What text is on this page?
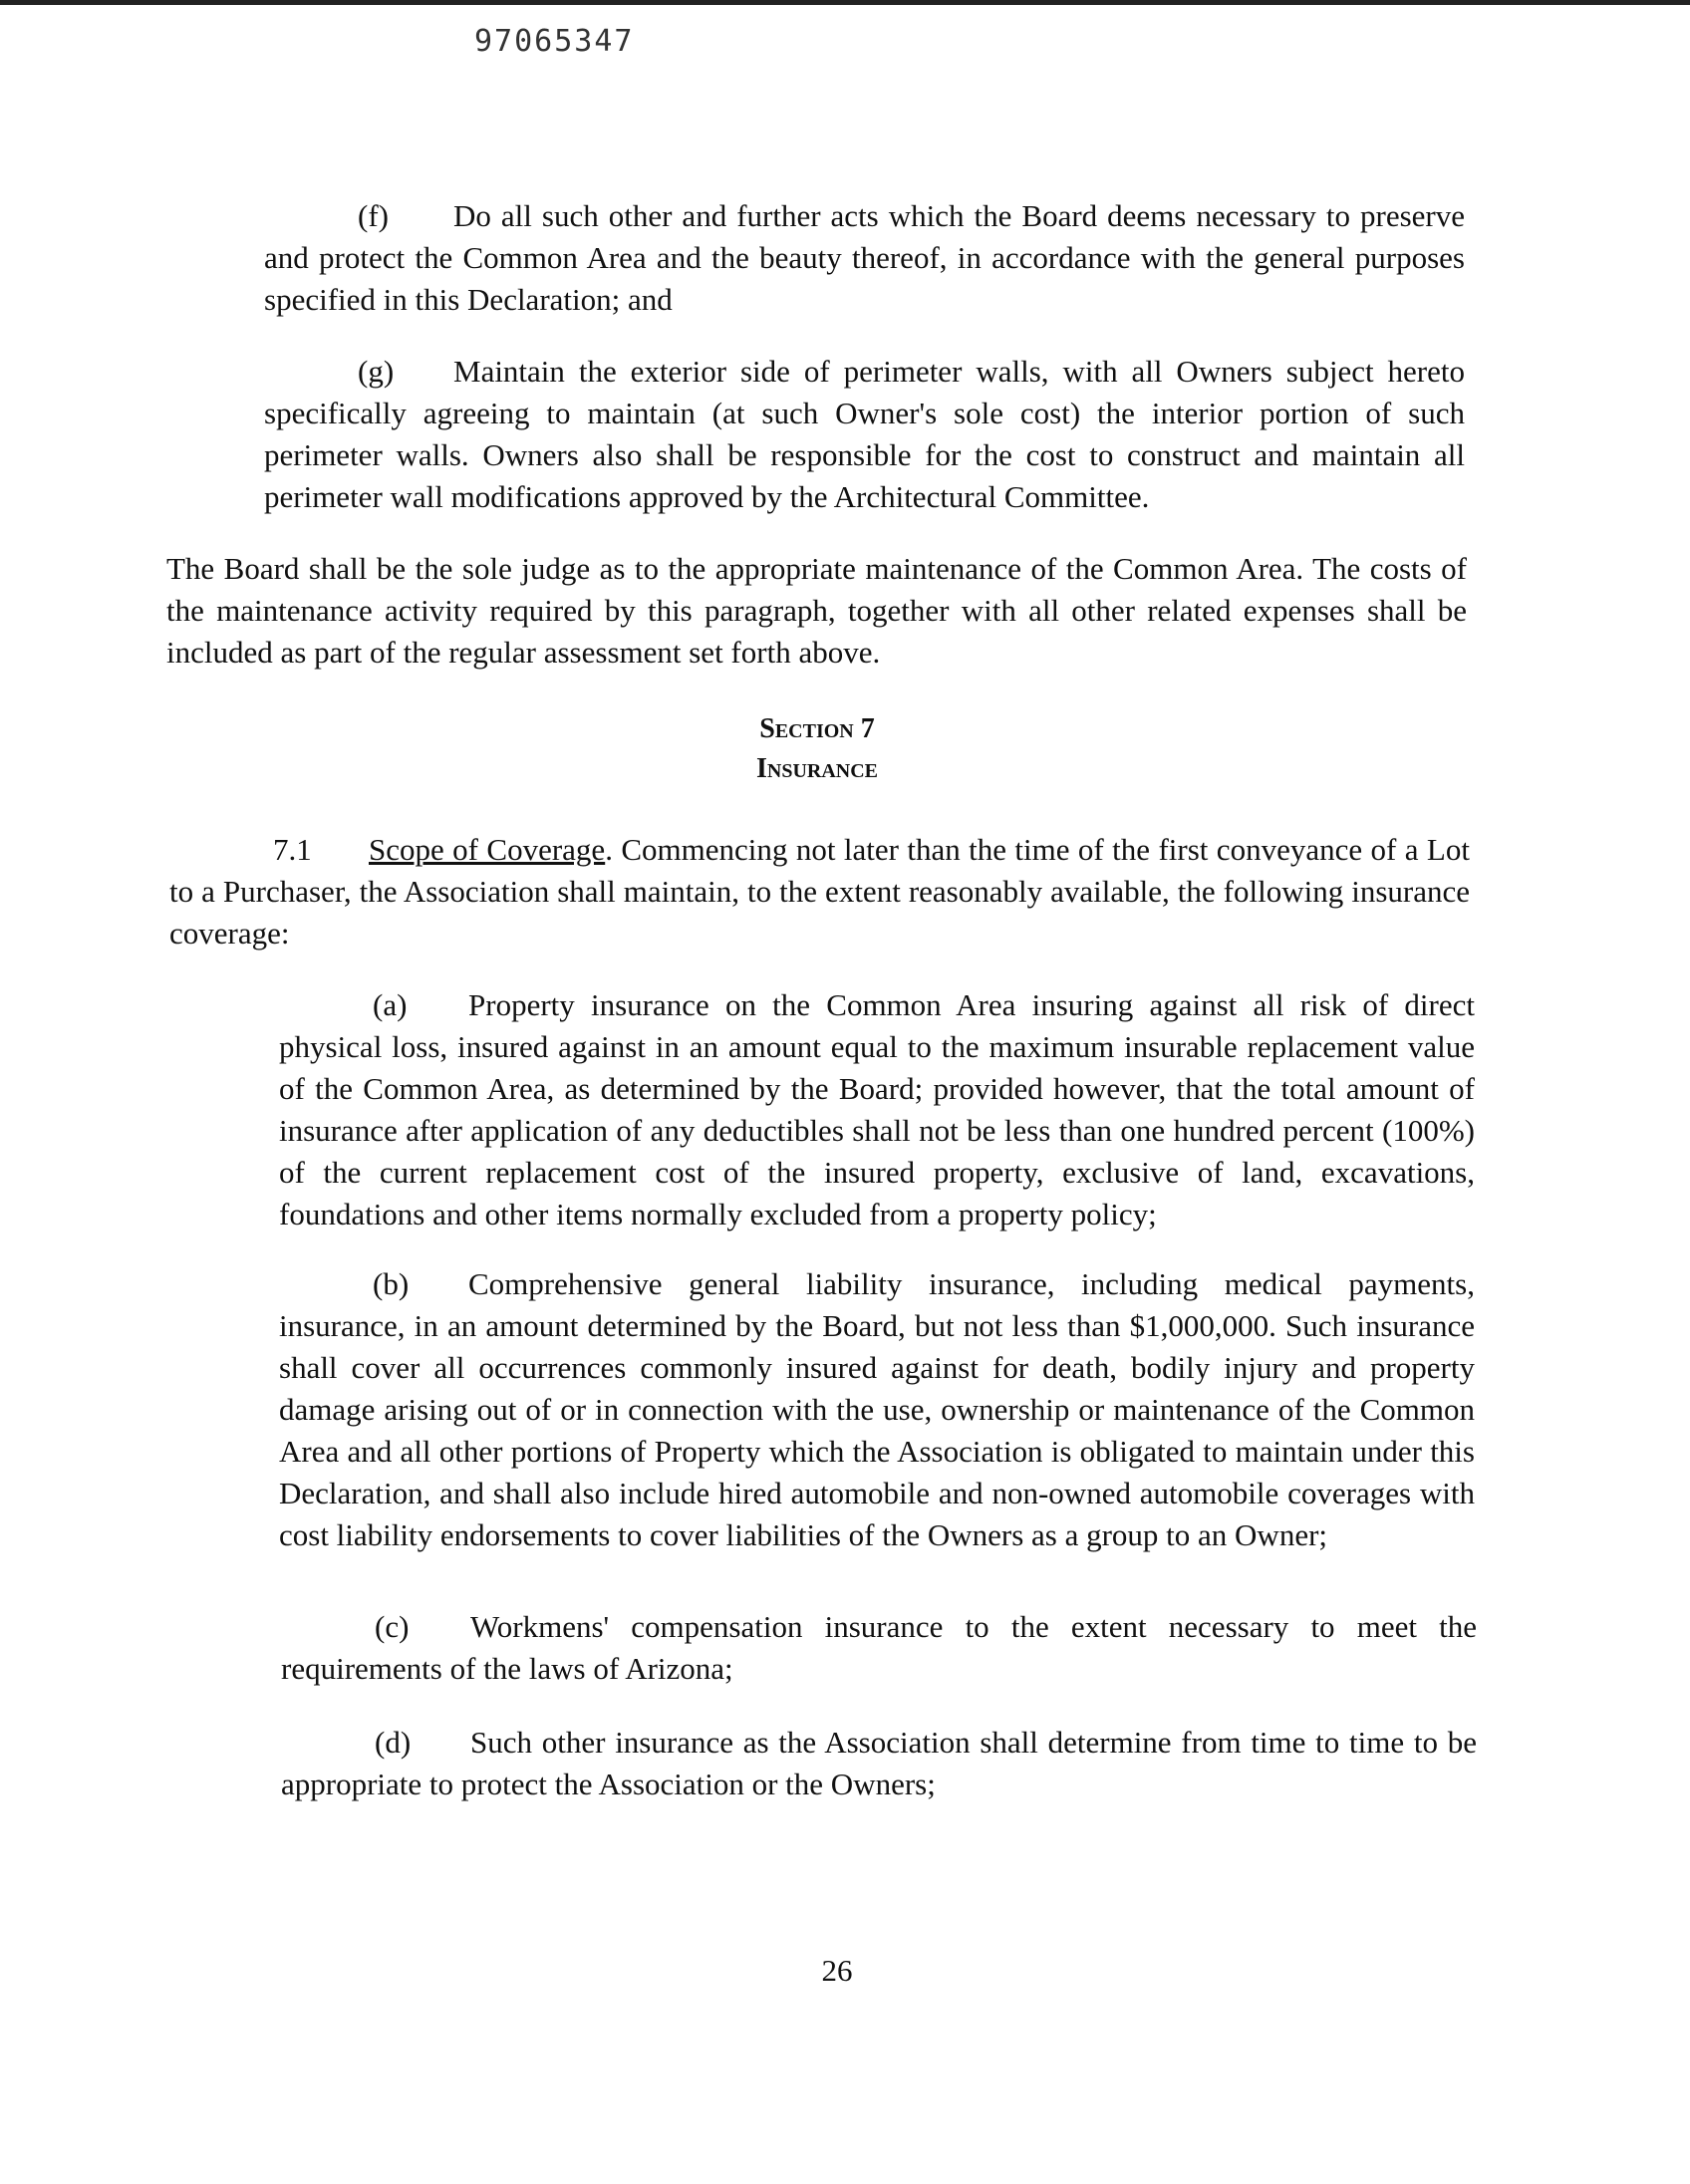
97065347

(f) Do all such other and further acts which the Board deems necessary to preserve and protect the Common Area and the beauty thereof, in accordance with the general purposes specified in this Declaration; and

(g) Maintain the exterior side of perimeter walls, with all Owners subject hereto specifically agreeing to maintain (at such Owner's sole cost) the interior portion of such perimeter walls. Owners also shall be responsible for the cost to construct and maintain all perimeter wall modifications approved by the Architectural Committee.

The Board shall be the sole judge as to the appropriate maintenance of the Common Area. The costs of the maintenance activity required by this paragraph, together with all other related expenses shall be included as part of the regular assessment set forth above.

Section 7

Insurance

7.1 Scope of Coverage. Commencing not later than the time of the first conveyance of a Lot to a Purchaser, the Association shall maintain, to the extent reasonably available, the following insurance coverage:

(a) Property insurance on the Common Area insuring against all risk of direct physical loss, insured against in an amount equal to the maximum insurable replacement value of the Common Area, as determined by the Board; provided however, that the total amount of insurance after application of any deductibles shall not be less than one hundred percent (100%) of the current replacement cost of the insured property, exclusive of land, excavations, foundations and other items normally excluded from a property policy;

(b) Comprehensive general liability insurance, including medical payments, insurance, in an amount determined by the Board, but not less than $1,000,000. Such insurance shall cover all occurrences commonly insured against for death, bodily injury and property damage arising out of or in connection with the use, ownership or maintenance of the Common Area and all other portions of Property which the Association is obligated to maintain under this Declaration, and shall also include hired automobile and non-owned automobile coverages with cost liability endorsements to cover liabilities of the Owners as a group to an Owner;

(c) Workmens' compensation insurance to the extent necessary to meet the requirements of the laws of Arizona;

(d) Such other insurance as the Association shall determine from time to time to be appropriate to protect the Association or the Owners;

26
